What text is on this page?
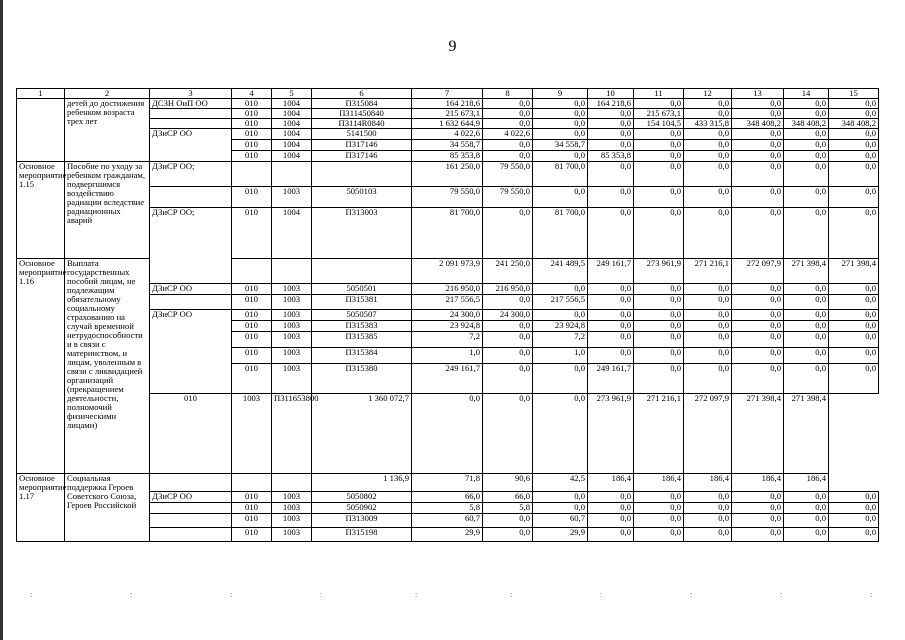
9
1	2	3	4	5	6	7	8	9	10	11	12	13	14	15
	детей до достижения ребенком возраста трех лет	ДСЗН ОиП ОО	010	1004	П315084	164 218,6	0,0	0,0	164 218,6	0,0	0,0	0,0	0,0	0,0
			010	1004	П311450840	215 673,1	0,0	0,0	0,0	215 673,1	0,0	0,0	0,0	0,0
			010	1004	П3114R0840	1 632 644,9	0,0	0,0	0,0	154 104,5	433 315,8	348 408,2	348 408,2	348 408,2
		ДЗиСР ОО	010	1004	5141500	4 022,6	4 022,6	0,0	0,0	0,0	0,0	0,0	0,0	0,0
			010	1004	П317146	34 558,7	0,0	34 558,7	0,0	0,0	0,0	0,0	0,0	0,0
			010	1004	П317146	85 353,8	0,0	0,0	85 353,8	0,0	0,0	0,0	0,0	0,0
Основное мероприятие 1.15	Пособие по уходу за ребенком гражданам, подвергшимся воздействию радиации вследствие радиационных аварий	ДЗиСР ОО;				161 250,0	79 550,0	81 700,0	0,0	0,0	0,0	0,0	0,0	0,0
			010	1003	5050103	79 550,0	79 550,0	0,0	0,0	0,0	0,0	0,0	0,0	0,0
		ДЗиСР ОО;	010	1004	П313003	81 700,0	0,0	81 700,0	0,0	0,0	0,0	0,0	0,0	0,0
Основное мероприятие 1.16	Выплата государственных пособий лицам, не подлежащим обязательному социальному страхованию на случай временной нетрудоспособности и в связи с материнством, и лицам, уволенным в связи с ликвидацией организаций (прекращением деятельности, полномочий физическими лицами)					2 091 973,9	241 250,0	241 489,5	249 161,7	273 961,9	271 216,1	272 097,9	271 398,4	271 398,4
		ДЗиСР ОО	010	1003	5050501	216 950,0	216 950,0	0,0	0,0	0,0	0,0	0,0	0,0	0,0
			010	1003	П315381	217 556,5	0,0	217 556,5	0,0	0,0	0,0	0,0	0,0	0,0
		ДЗиСР ОО	010	1003	5050507	24 300,0	24 300,0	0,0	0,0	0,0	0,0	0,0	0,0	0,0
			010	1003	П315383	23 924,8	0,0	23 924,8	0,0	0,0	0,0	0,0	0,0	0,0
			010	1003	П315385	7,2	0,0	7,2	0,0	0,0	0,0	0,0	0,0	0,0
			010	1003	П315384	1,0	0,0	1,0	0,0	0,0	0,0	0,0	0,0	0,0
			010	1003	П315380	249 161,7	0,0	0,0	249 161,7	0,0	0,0	0,0	0,0	0,0
		010	1003	П311653800	1 360 072,7	0,0	0,0	0,0	273 961,9	271 216,1	272 097,9	271 398,4	271 398,4	
Основное мероприятие 1.17	Социальная поддержка Героев Советского Союза, Героев Российской				1 136,9	71,8	90,6	42,5	186,4	186,4	186,4	186,4	186,4	
		ДЗиСР ОО	010	1003	5050802	66,0	66,0	0,0	0,0	0,0	0,0	0,0	0,0	0,0
			010	1003	5050902	5,8	5,8	0,0	0,0	0,0	0,0	0,0	0,0	0,0
			010	1003	П313009	60,7	0,0	60,7	0,0	0,0	0,0	0,0	0,0	0,0
			010	1003	П315198	29,9	0,0	29,9	0,0	0,0	0,0	0,0	0,0	0,0
:	:	:	:	:	:	:	:	:	:
